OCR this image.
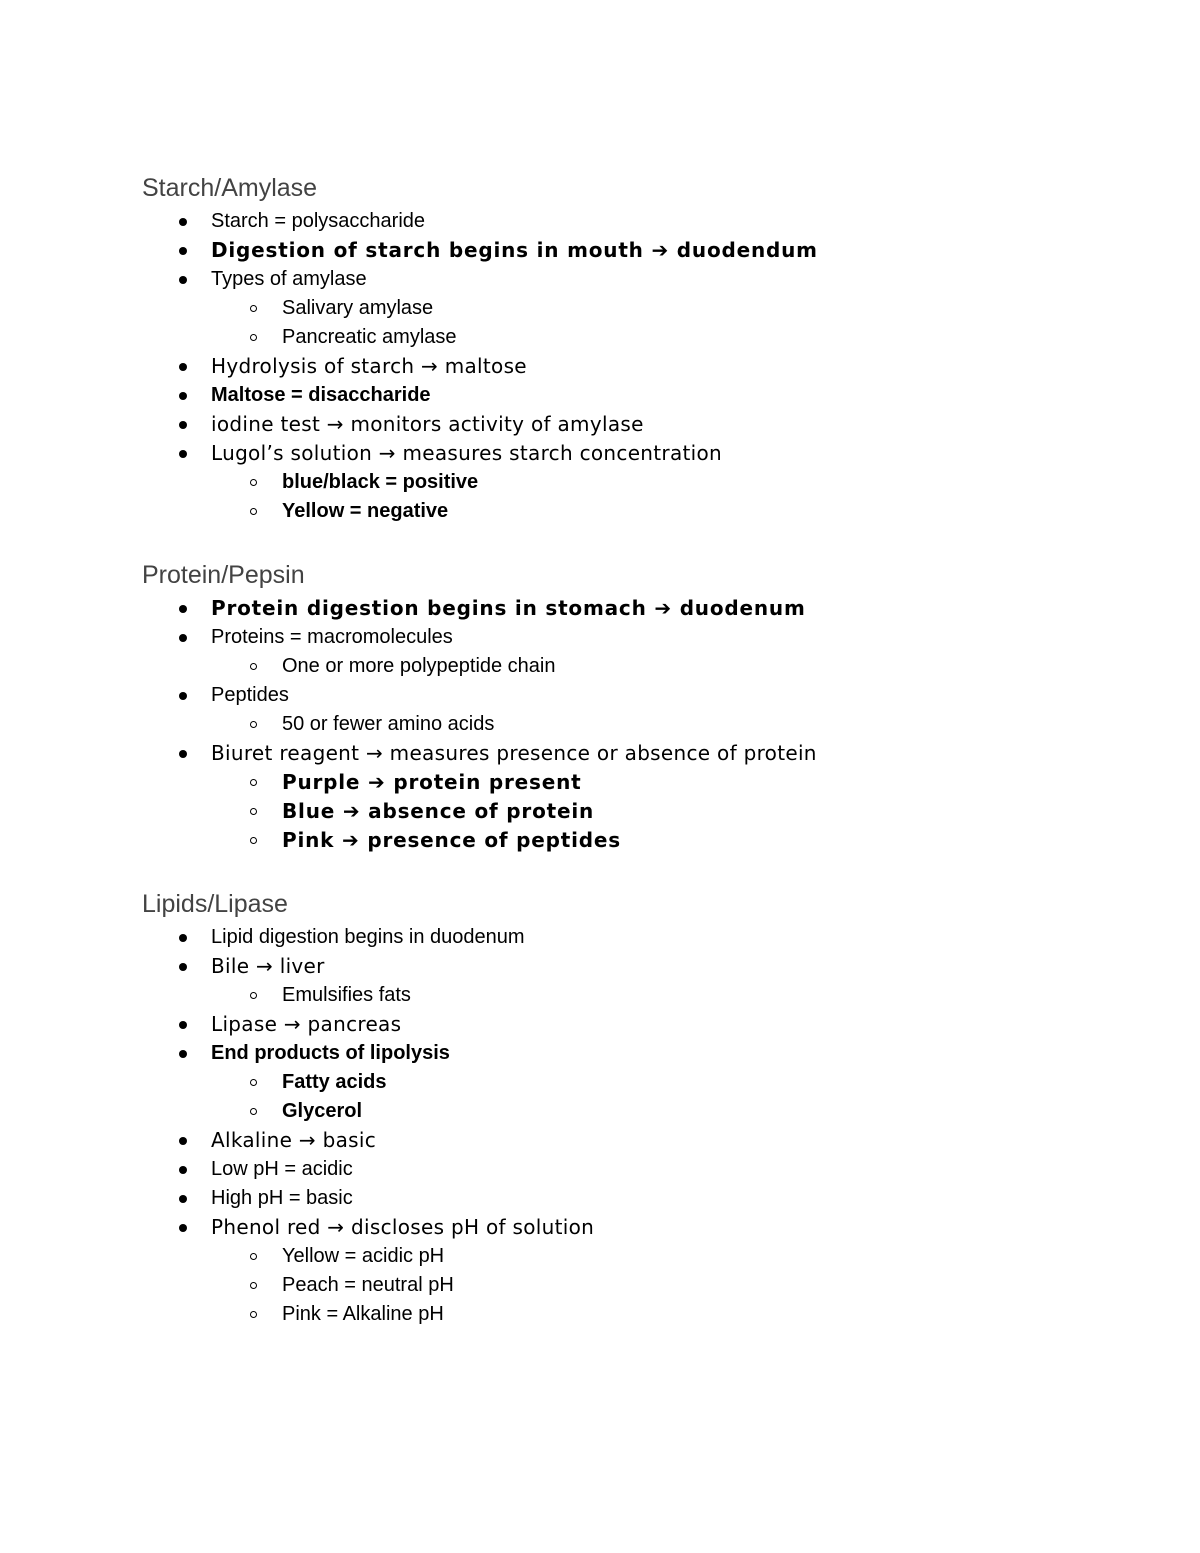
Starch/Amylase
Starch = polysaccharide
Digestion of starch begins in mouth ➔ duodendum
Types of amylase
Salivary amylase
Pancreatic amylase
Hydrolysis of starch → maltose
Maltose = disaccharide
iodine test → monitors activity of amylase
Lugol’s solution → measures starch concentration
blue/black = positive
Yellow = negative
Protein/Pepsin
Protein digestion begins in stomach ➔ duodenum
Proteins = macromolecules
One or more polypeptide chain
Peptides
50 or fewer amino acids
Biuret reagent → measures presence or absence of protein
Purple ➔ protein present
Blue ➔ absence of protein
Pink ➔ presence of peptides
Lipids/Lipase
Lipid digestion begins in duodenum
Bile → liver
Emulsifies fats
Lipase → pancreas
End products of lipolysis
Fatty acids
Glycerol
Alkaline → basic
Low pH = acidic
High pH = basic
Phenol red → discloses pH of solution
Yellow = acidic pH
Peach = neutral pH
Pink = Alkaline pH
